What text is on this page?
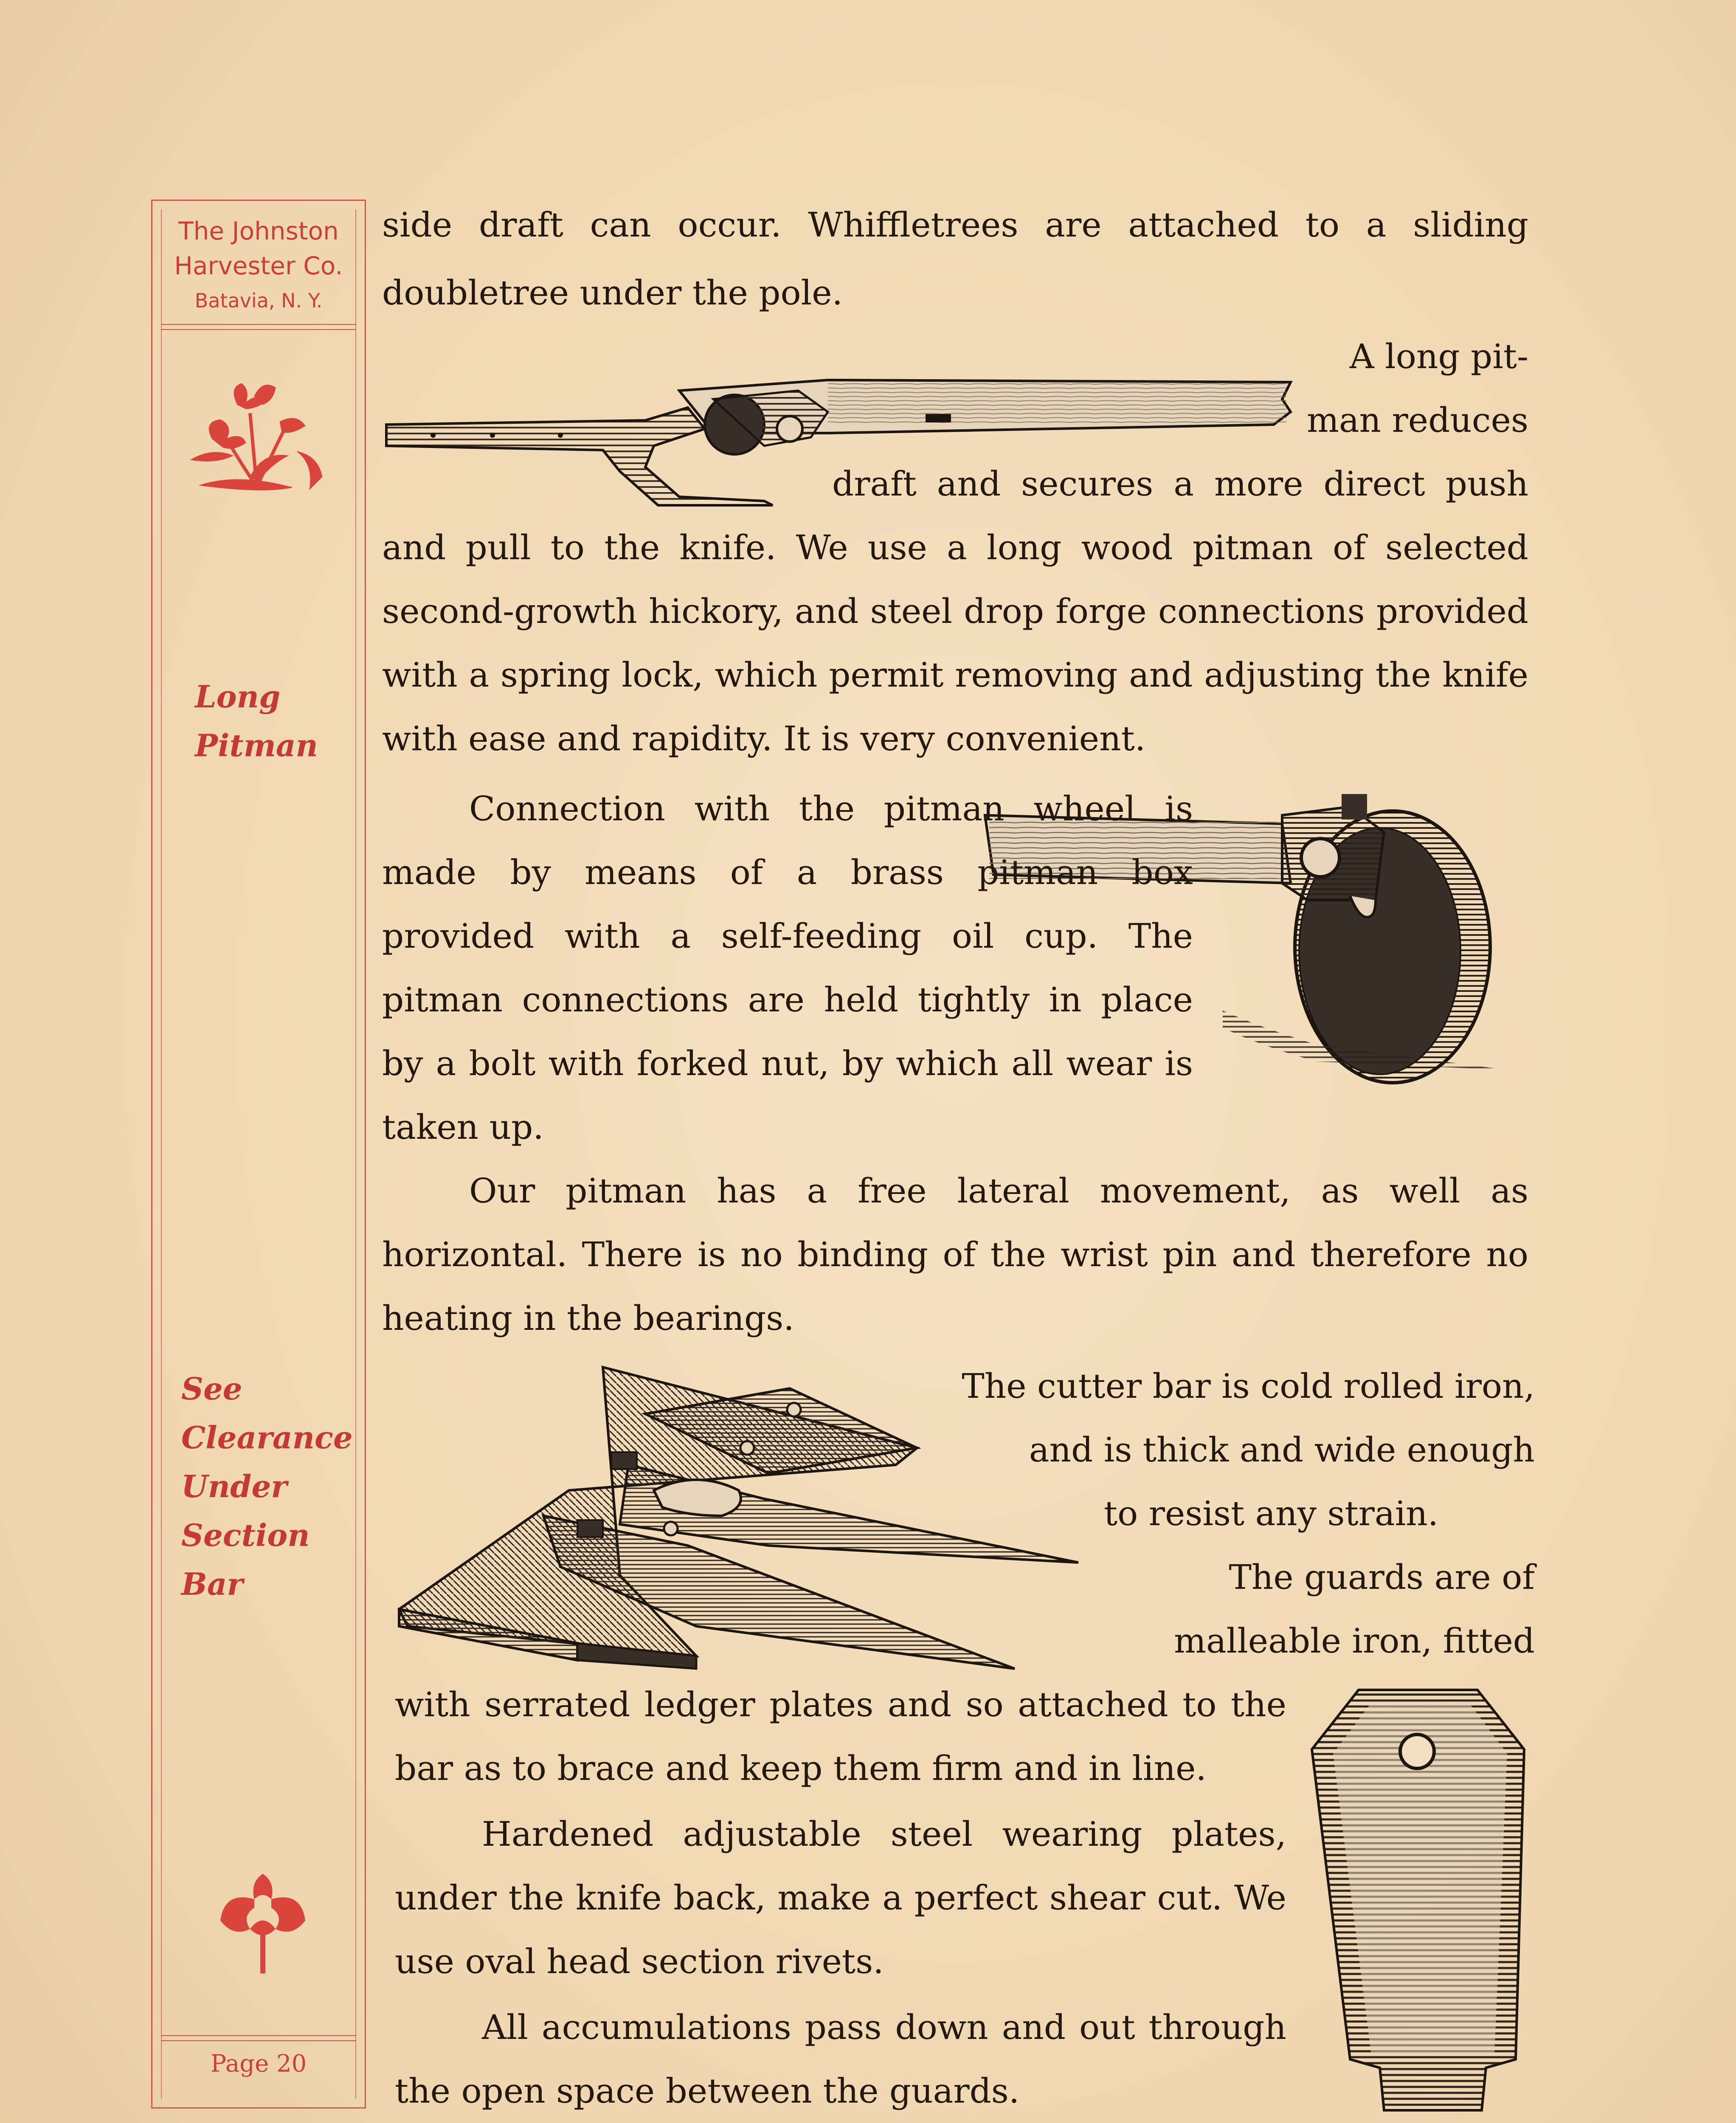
The Johnston
Harvester Co.
Batavia, N. Y.
Long
Pitman
See
Clearance
Under
Section
Bar
Page 20
side draft can occur. Whiffletrees are attached to a sliding
doubletree under the pole.
A long pit-
man reduces
draft and secures a more direct push
and pull to the knife. We use a long wood pitman of selected second-growth hickory, and steel drop forge connections provided with a spring lock, which permit removing and adjusting the knife with ease and rapidity. It is very convenient.
Connection with the pitman wheel is made by means of a brass pitman box provided with a self-feeding oil cup. The pitman connections are held tightly in place by a bolt with forked nut, by which all wear is taken up.
Our pitman has a free lateral movement, as well as horizontal. There is no binding of the wrist pin and therefore no heating in the bearings.
The cutter bar is cold rolled iron,
and is thick and wide enough
to resist any strain.
The guards are of
malleable iron, fitted
with serrated ledger plates and so attached to the bar as to brace and keep them firm and in line.
Hardened adjustable steel wearing plates, under the knife back, make a perfect shear cut. We use oval head section rivets.
All accumulations pass down and out through the open space between the guards.
